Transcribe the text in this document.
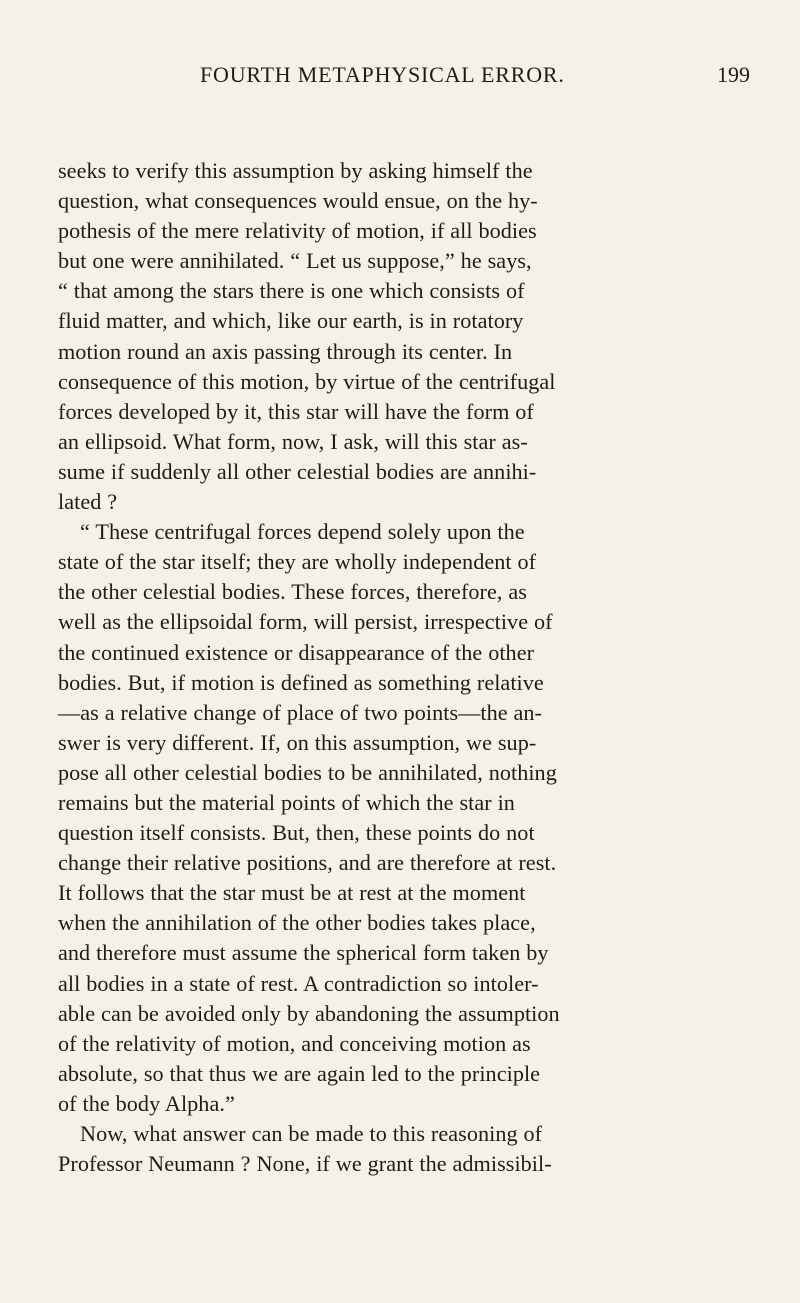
FOURTH METAPHYSICAL ERROR.	199
seeks to verify this assumption by asking himself the
question, what consequences would ensue, on the hy-
pothesis of the mere relativity of motion, if all bodies
but one were annihilated. “ Let us suppose,” he says,
“ that among the stars there is one which consists of
fluid matter, and which, like our earth, is in rotatory
motion round an axis passing through its center. In
consequence of this motion, by virtue of the centrifugal
forces developed by it, this star will have the form of
an ellipsoid. What form, now, I ask, will this star as-
sume if suddenly all other celestial bodies are annihi-
lated ?
“ These centrifugal forces depend solely upon the
state of the star itself; they are wholly independent of
the other celestial bodies. These forces, therefore, as
well as the ellipsoidal form, will persist, irrespective of
the continued existence or disappearance of the other
bodies. But, if motion is defined as something relative
—as a relative change of place of two points—the an-
swer is very different. If, on this assumption, we sup-
pose all other celestial bodies to be annihilated, nothing
remains but the material points of which the star in
question itself consists. But, then, these points do not
change their relative positions, and are therefore at rest.
It follows that the star must be at rest at the moment
when the annihilation of the other bodies takes place,
and therefore must assume the spherical form taken by
all bodies in a state of rest. A contradiction so intoler-
able can be avoided only by abandoning the assumption
of the relativity of motion, and conceiving motion as
absolute, so that thus we are again led to the principle
of the body Alpha.”
Now, what answer can be made to this reasoning of
Professor Neumann ? None, if we grant the admissibil-
